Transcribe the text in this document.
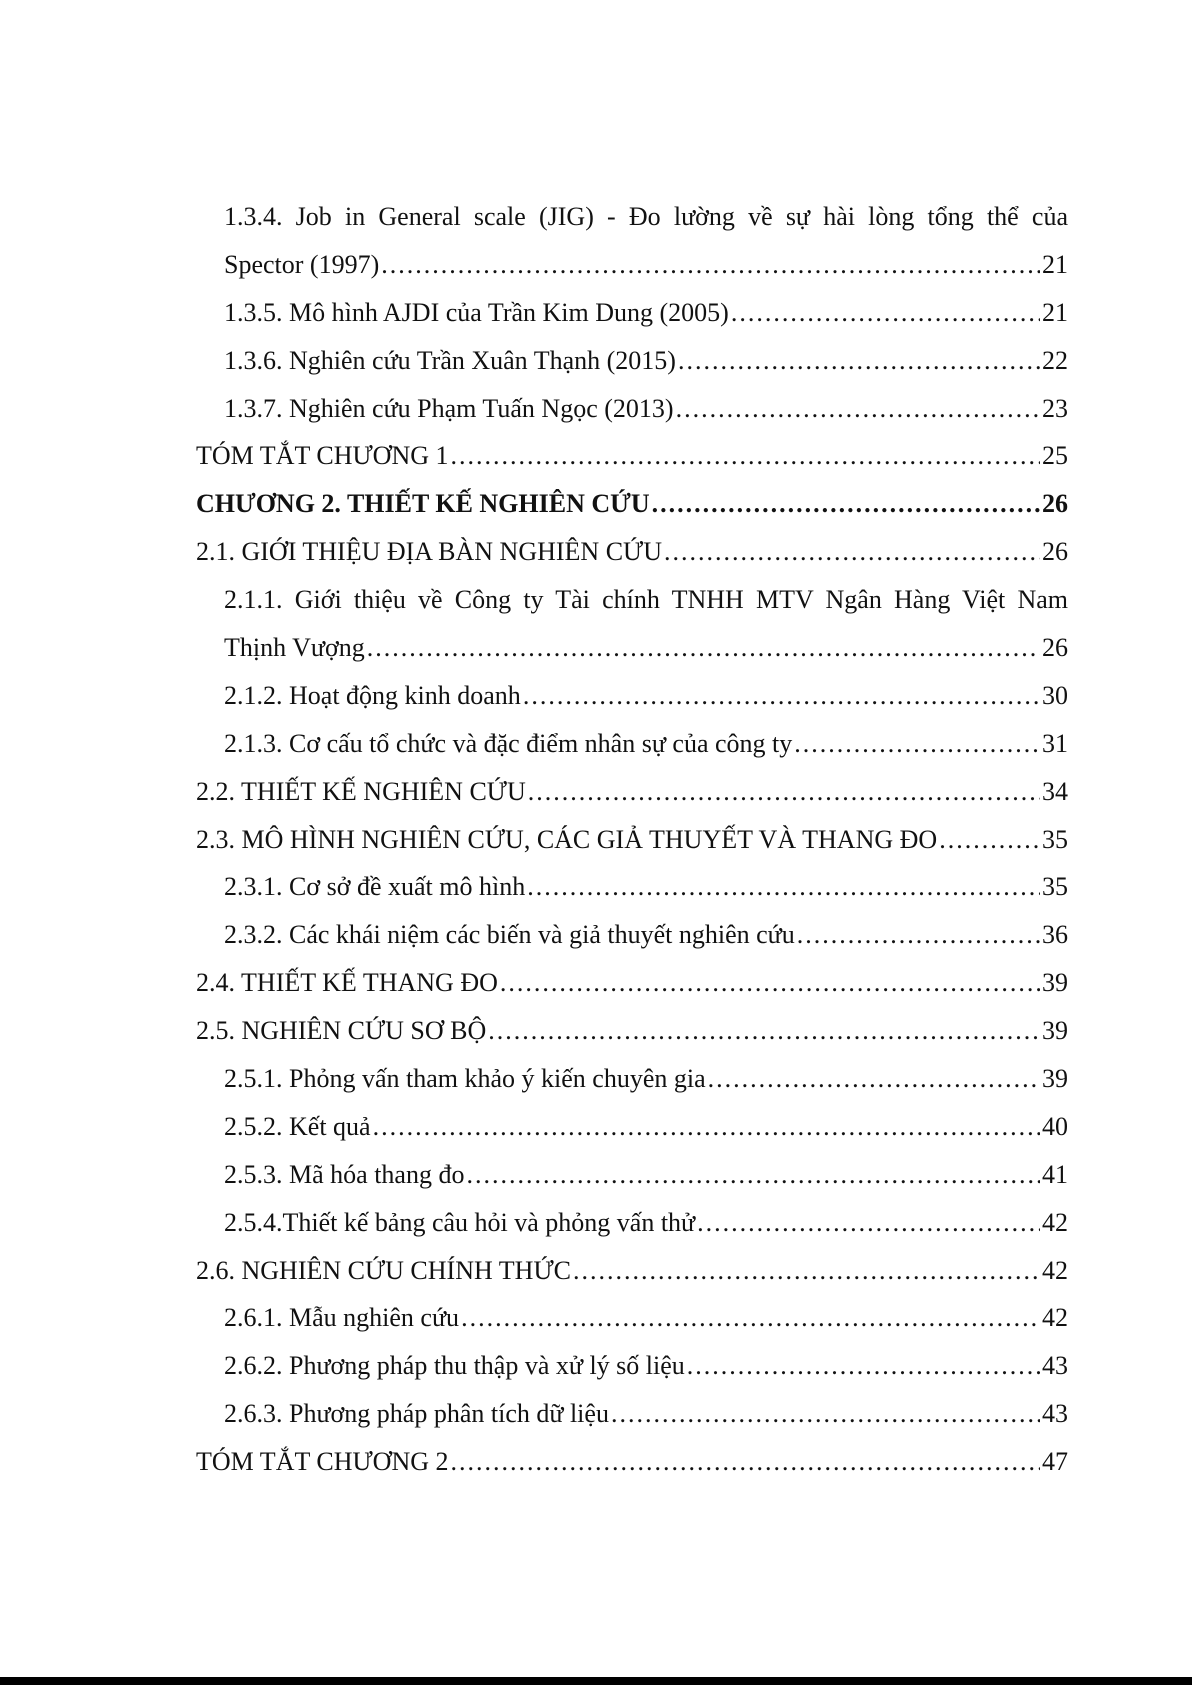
1.3.4. Job in General scale (JIG) - Đo lường về sự hài lòng tổng thể của
Spector (1997) .....	21
1.3.5. Mô hình AJDI của Trần Kim Dung (2005) .....	21
1.3.6. Nghiên cứu Trần Xuân Thạnh (2015) .....	22
1.3.7. Nghiên cứu Phạm Tuấn Ngọc (2013) .....	23
TÓM TẮT CHƯƠNG 1 .....	25
CHƯƠNG 2. THIẾT KẾ NGHIÊN CỨU .....	26
2.1. GIỚI THIỆU ĐỊA BÀN NGHIÊN CỨU .....	26
2.1.1. Giới thiệu về Công ty Tài chính TNHH MTV Ngân Hàng Việt Nam
Thịnh Vượng .....	26
2.1.2. Hoạt động kinh doanh .....	30
2.1.3. Cơ cấu tổ chức và đặc điểm nhân sự của công ty .....	31
2.2. THIẾT KẾ NGHIÊN CỨU .....	34
2.3. MÔ HÌNH NGHIÊN CỨU, CÁC GIẢ THUYẾT VÀ THANG ĐO .....	35
2.3.1. Cơ sở đề xuất mô hình .....	35
2.3.2. Các khái niệm các biến và giả thuyết nghiên cứu .....	36
2.4. THIẾT KẾ THANG ĐO .....	39
2.5. NGHIÊN CỨU SƠ BỘ .....	39
2.5.1. Phỏng vấn tham khảo ý kiến chuyên gia .....	39
2.5.2. Kết quả .....	40
2.5.3. Mã hóa thang đo .....	41
2.5.4.Thiết kế bảng câu hỏi và phỏng vấn thử .....	42
2.6. NGHIÊN CỨU CHÍNH THỨC .....	42
2.6.1. Mẫu nghiên cứu .....	42
2.6.2. Phương pháp thu thập và xử lý số liệu .....	43
2.6.3. Phương pháp phân tích dữ liệu .....	43
TÓM TẮT CHƯƠNG 2 .....	47
